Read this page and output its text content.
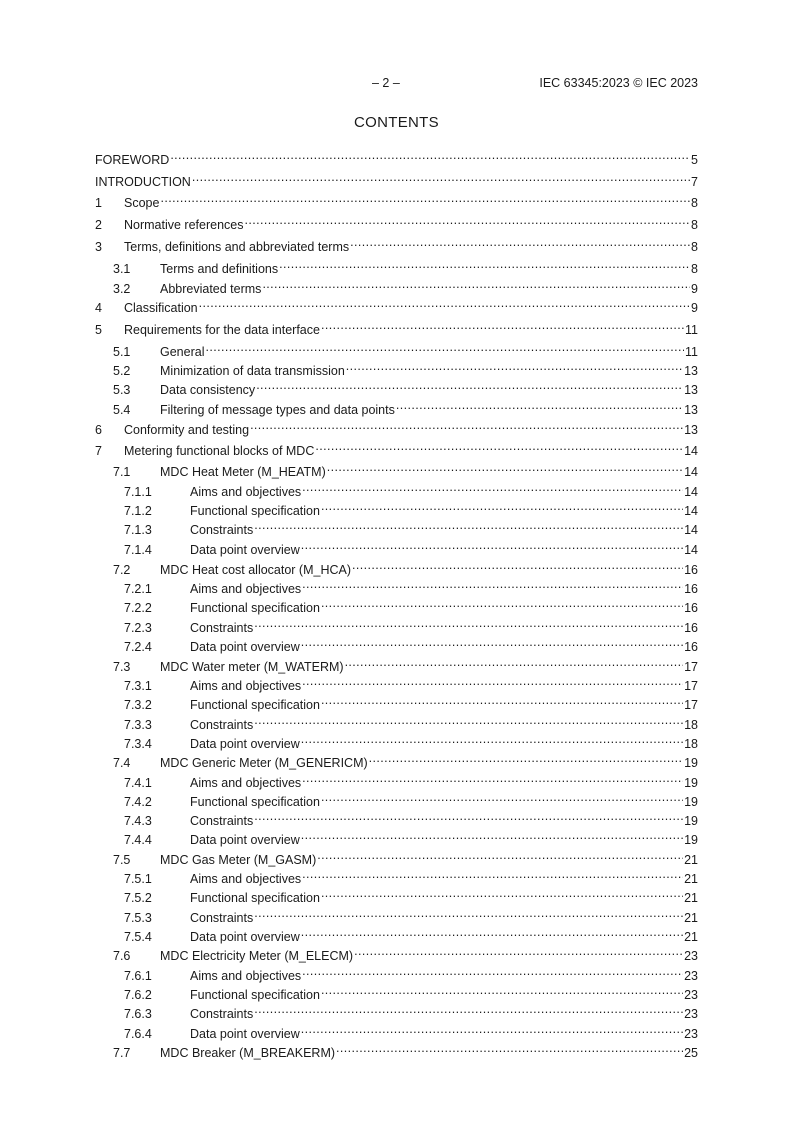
– 2 –	IEC 63345:2023 © IEC 2023
CONTENTS
FOREWORD .....	5
INTRODUCTION .....	7
1	Scope .....	8
2	Normative references .....	8
3	Terms, definitions and abbreviated terms .....	8
3.1	Terms and definitions .....	8
3.2	Abbreviated terms .....	9
4	Classification .....	9
5	Requirements for the data interface .....	11
5.1	General .....	11
5.2	Minimization of data transmission .....	13
5.3	Data consistency .....	13
5.4	Filtering of message types and data points .....	13
6	Conformity and testing .....	13
7	Metering functional blocks of MDC .....	14
7.1	MDC Heat Meter (M_HEATM) .....	14
7.1.1	Aims and objectives .....	14
7.1.2	Functional specification .....	14
7.1.3	Constraints .....	14
7.1.4	Data point overview .....	14
7.2	MDC Heat cost allocator (M_HCA) .....	16
7.2.1	Aims and objectives .....	16
7.2.2	Functional specification .....	16
7.2.3	Constraints .....	16
7.2.4	Data point overview .....	16
7.3	MDC Water meter (M_WATERM) .....	17
7.3.1	Aims and objectives .....	17
7.3.2	Functional specification .....	17
7.3.3	Constraints .....	18
7.3.4	Data point overview .....	18
7.4	MDC Generic Meter (M_GENERICM) .....	19
7.4.1	Aims and objectives .....	19
7.4.2	Functional specification .....	19
7.4.3	Constraints .....	19
7.4.4	Data point overview .....	19
7.5	MDC Gas Meter (M_GASM) .....	21
7.5.1	Aims and objectives .....	21
7.5.2	Functional specification .....	21
7.5.3	Constraints .....	21
7.5.4	Data point overview .....	21
7.6	MDC Electricity Meter (M_ELECM) .....	23
7.6.1	Aims and objectives .....	23
7.6.2	Functional specification .....	23
7.6.3	Constraints .....	23
7.6.4	Data point overview .....	23
7.7	MDC Breaker (M_BREAKERM) .....	25
